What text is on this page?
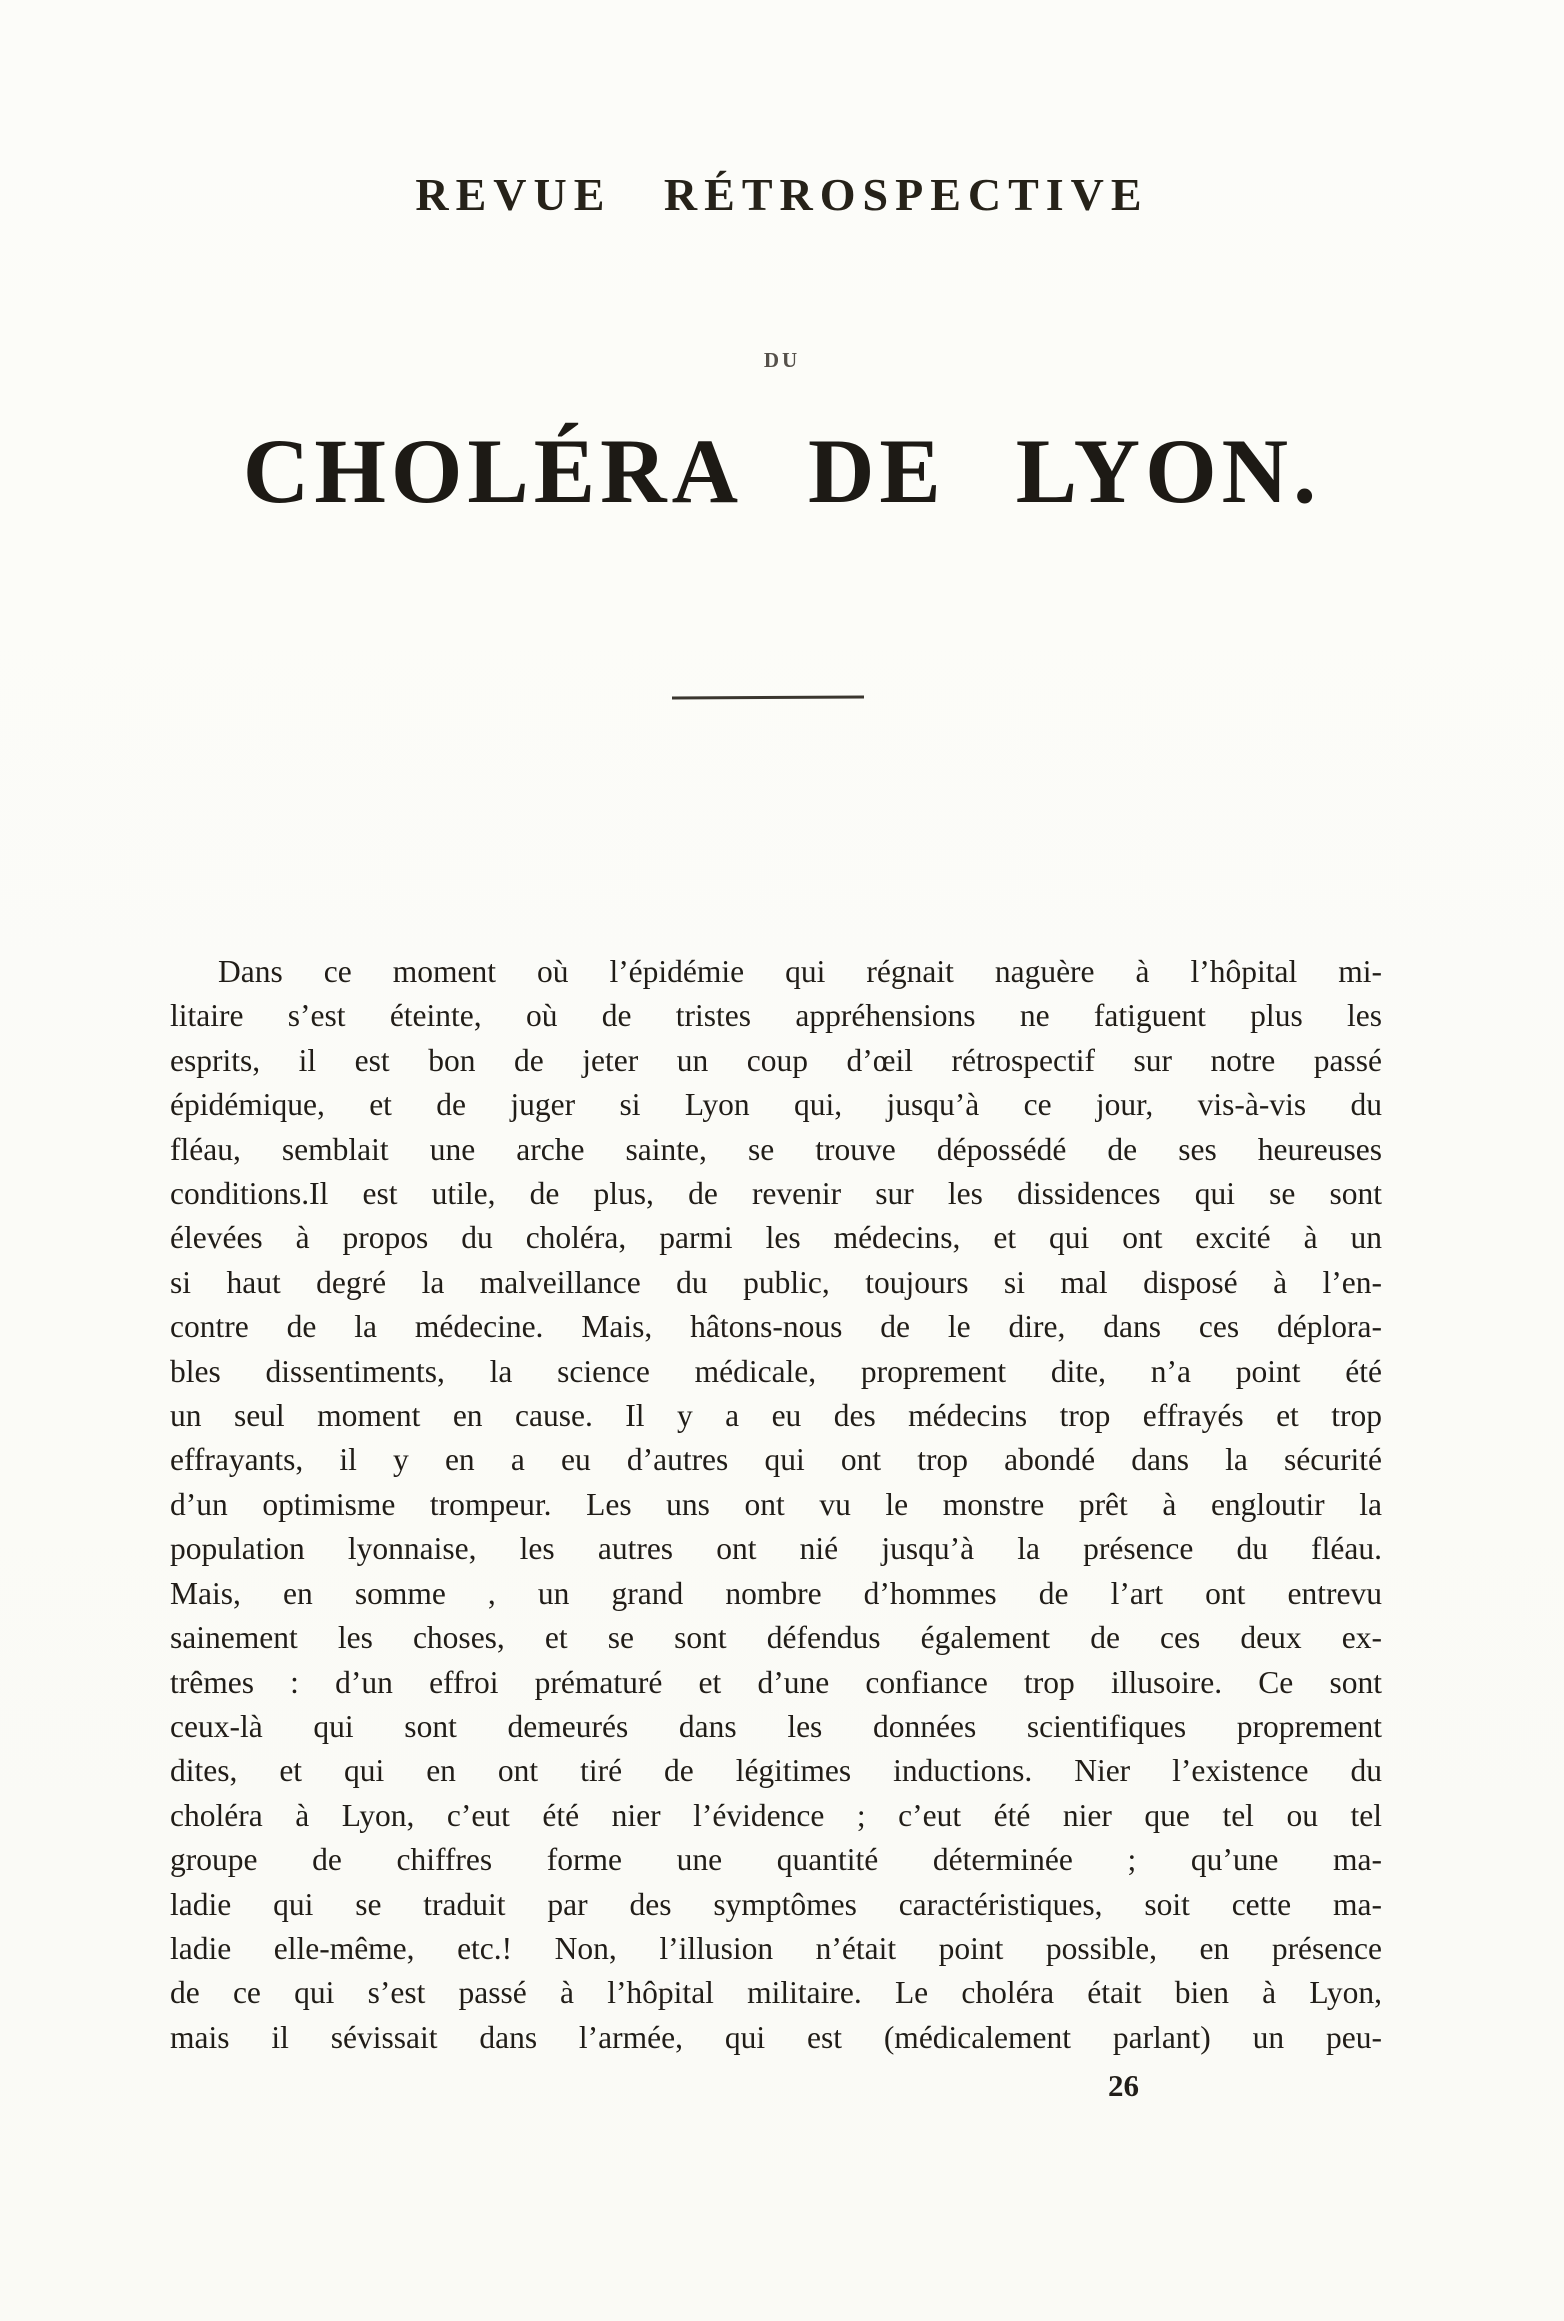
REVUE RÉTROSPECTIVE
DU
CHOLÉRA DE LYON.
Dans ce moment où l’épidémie qui régnait naguère à l’hôpital mi-
litaire s’est éteinte, où de tristes appréhensions ne fatiguent plus les
esprits, il est bon de jeter un coup d’œil rétrospectif sur notre passé
épidémique, et de juger si Lyon qui, jusqu’à ce jour, vis-à-vis du
fléau, semblait une arche sainte, se trouve dépossédé de ses heureuses
conditions.Il est utile, de plus, de revenir sur les dissidences qui se sont
élevées à propos du choléra, parmi les médecins, et qui ont excité à un
si haut degré la malveillance du public, toujours si mal disposé à l’en-
contre de la médecine. Mais, hâtons-nous de le dire, dans ces déplora-
bles dissentiments, la science médicale, proprement dite, n’a point été
un seul moment en cause. Il y a eu des médecins trop effrayés et trop
effrayants, il y en a eu d’autres qui ont trop abondé dans la sécurité
d’un optimisme trompeur. Les uns ont vu le monstre prêt à engloutir la
population lyonnaise, les autres ont nié jusqu’à la présence du fléau.
Mais, en somme , un grand nombre d’hommes de l’art ont entrevu
sainement les choses, et se sont défendus également de ces deux ex-
trêmes : d’un effroi prématuré et d’une confiance trop illusoire. Ce sont
ceux-là qui sont demeurés dans les données scientifiques proprement
dites, et qui en ont tiré de légitimes inductions. Nier l’existence du
choléra à Lyon, c’eut été nier l’évidence ; c’eut été nier que tel ou tel
groupe de chiffres forme une quantité déterminée ; qu’une ma-
ladie qui se traduit par des symptômes caractéristiques, soit cette ma-
ladie elle-même, etc.! Non, l’illusion n’était point possible, en présence
de ce qui s’est passé à l’hôpital militaire. Le choléra était bien à Lyon,
mais il sévissait dans l’armée, qui est (médicalement parlant) un peu-
26
